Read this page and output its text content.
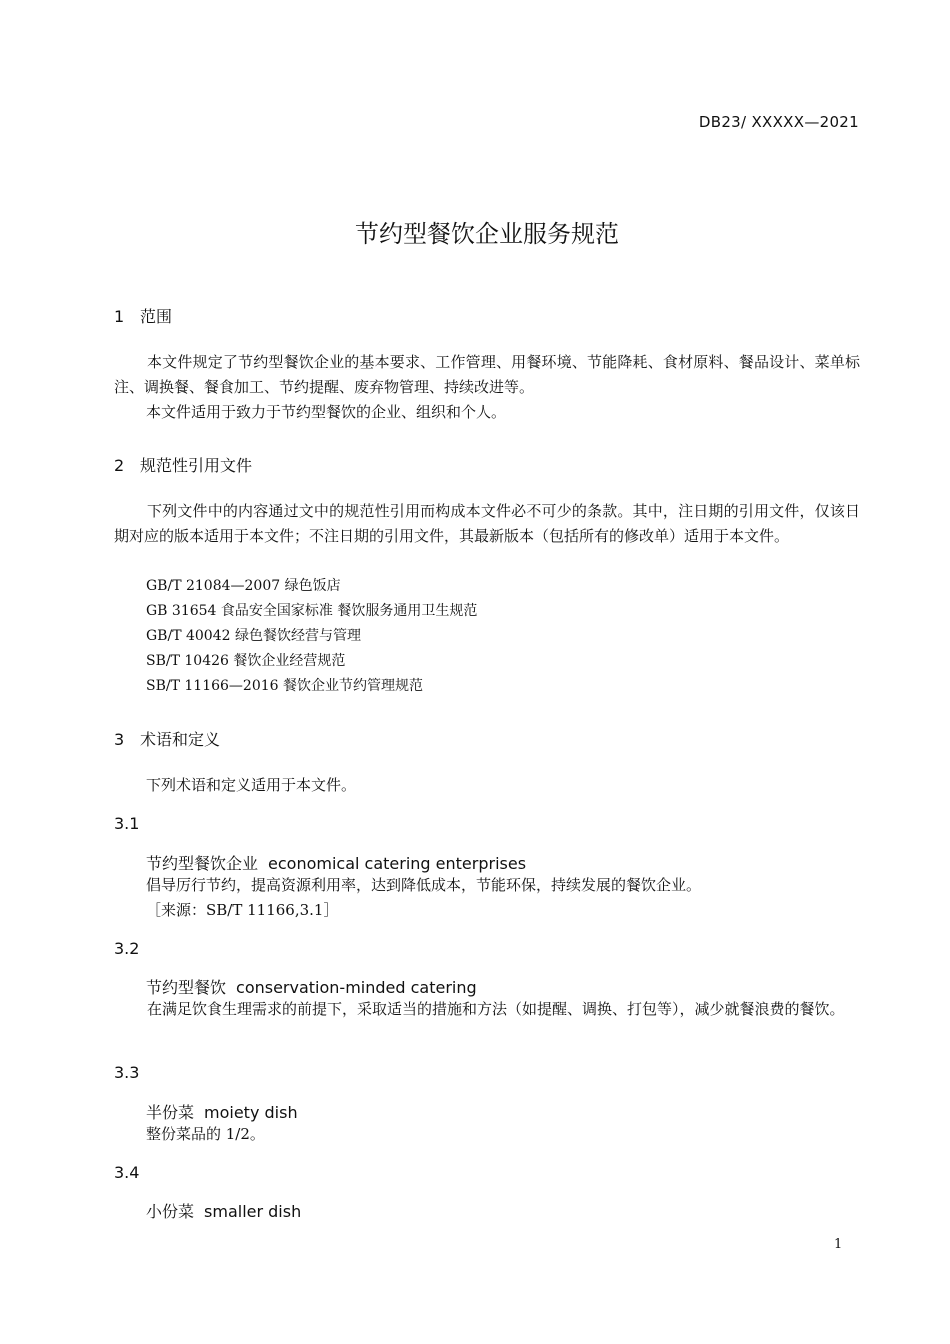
DB23/ XXXXX—2021
节约型餐饮企业服务规范
1 范围
本文件规定了节约型餐饮企业的基本要求、工作管理、用餐环境、节能降耗、食材原料、餐品设计、菜单标注、调换餐、餐食加工、节约提醒、废弃物管理、持续改进等。
本文件适用于致力于节约型餐饮的企业、组织和个人。
2 规范性引用文件
下列文件中的内容通过文中的规范性引用而构成本文件必不可少的条款。其中，注日期的引用文件，仅该日期对应的版本适用于本文件；不注日期的引用文件，其最新版本（包括所有的修改单）适用于本文件。
GB/T 21084—2007 绿色饭店
GB 31654 食品安全国家标准 餐饮服务通用卫生规范
GB/T 40042 绿色餐饮经营与管理
SB/T 10426 餐饮企业经营规范
SB/T 11166—2016 餐饮企业节约管理规范
3 术语和定义
下列术语和定义适用于本文件。
3.1
节约型餐饮企业 economical catering enterprises
倡导厉行节约，提高资源利用率，达到降低成本，节能环保，持续发展的餐饮企业。
［来源：SB/T 11166,3.1］
3.2
节约型餐饮 conservation-minded catering
在满足饮食生理需求的前提下，采取适当的措施和方法（如提醒、调换、打包等），减少就餐浪费的餐饮。
3.3
半份菜 moiety dish
整份菜品的 1/2。
3.4
小份菜 smaller dish
1
